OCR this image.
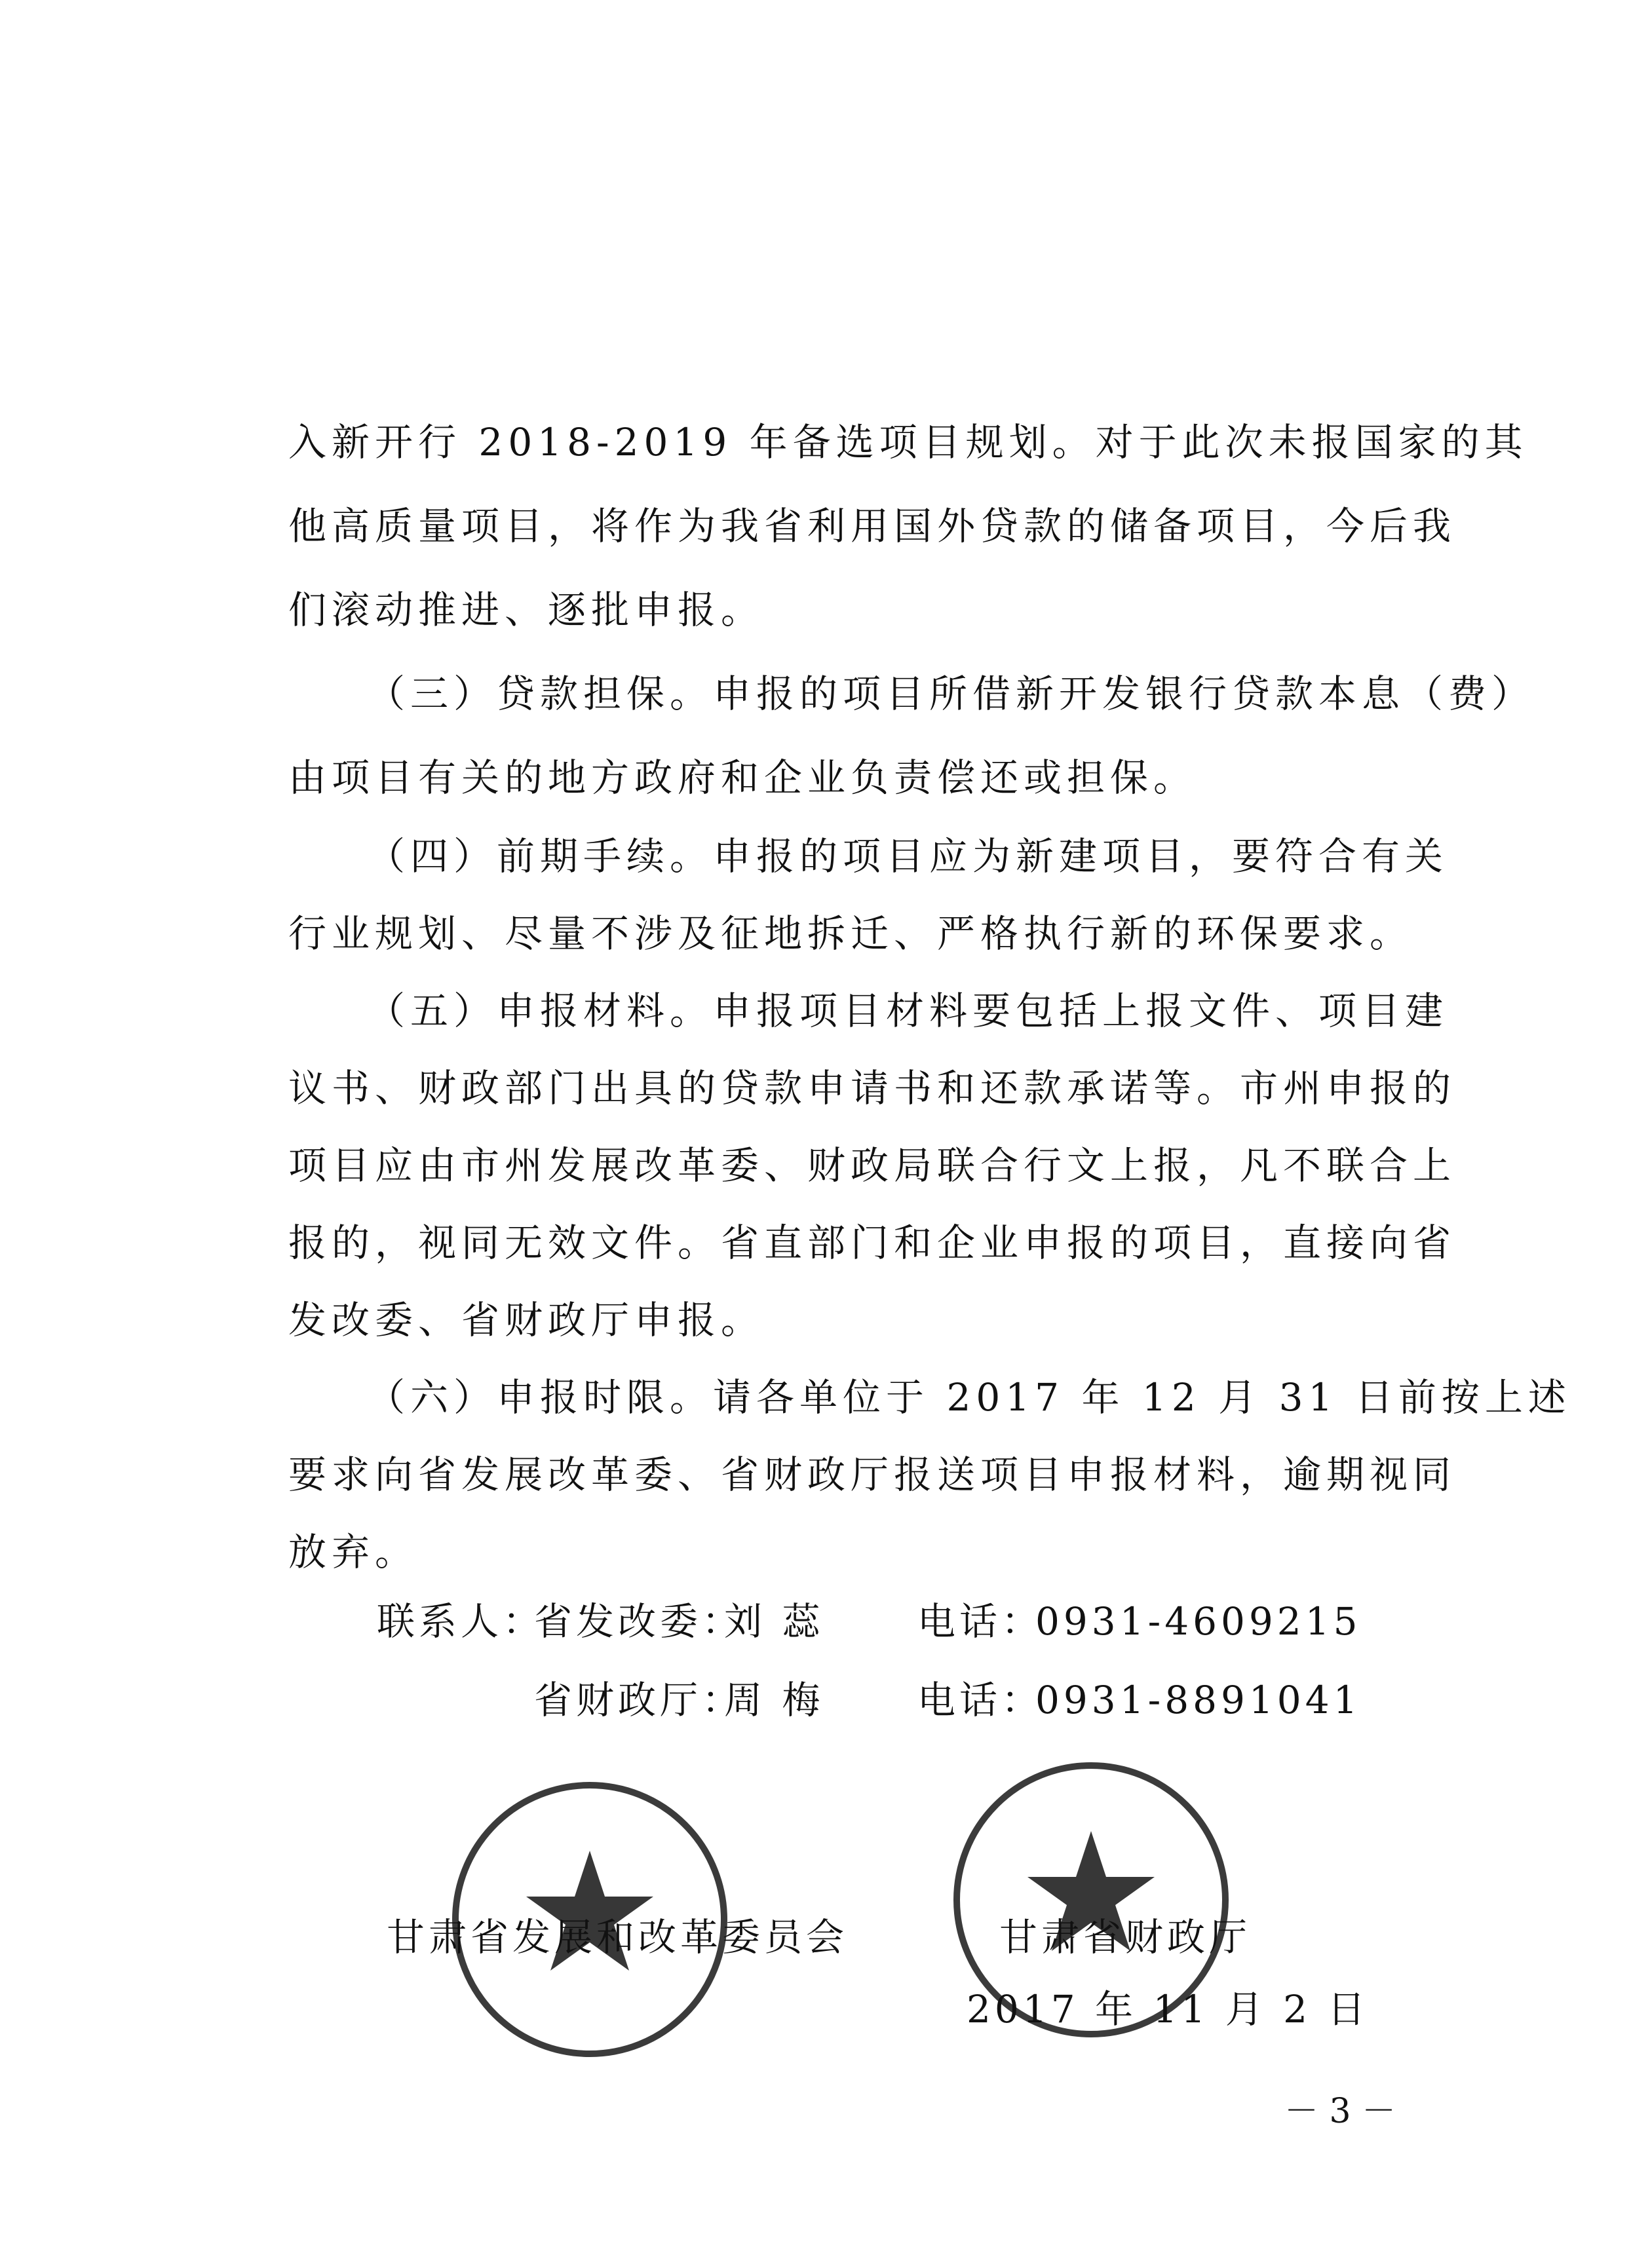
入新开行 2018-2019 年备选项目规划。对于此次未报国家的其
他高质量项目，将作为我省利用国外贷款的储备项目，今后我
们滚动推进、逐批申报。
（三）贷款担保。申报的项目所借新开发银行贷款本息（费）
由项目有关的地方政府和企业负责偿还或担保。
（四）前期手续。申报的项目应为新建项目，要符合有关
行业规划、尽量不涉及征地拆迁、严格执行新的环保要求。
（五）申报材料。申报项目材料要包括上报文件、项目建
议书、财政部门出具的贷款申请书和还款承诺等。市州申报的
项目应由市州发展改革委、财政局联合行文上报，凡不联合上
报的，视同无效文件。省直部门和企业申报的项目，直接向省
发改委、省财政厅申报。
（六）申报时限。请各单位于 2017 年 12 月 31 日前按上述
要求向省发展改革委、省财政厅报送项目申报材料，逾期视同
放弃。
联系人：
省发改委：
刘 蕊 电话：
0931-4609215
省财政厅：
周 梅 电话：
0931-8891041
甘肃省发展和改革委员会	甘肃省财政厅
2017 年 11 月 2 日
－ 3 －
